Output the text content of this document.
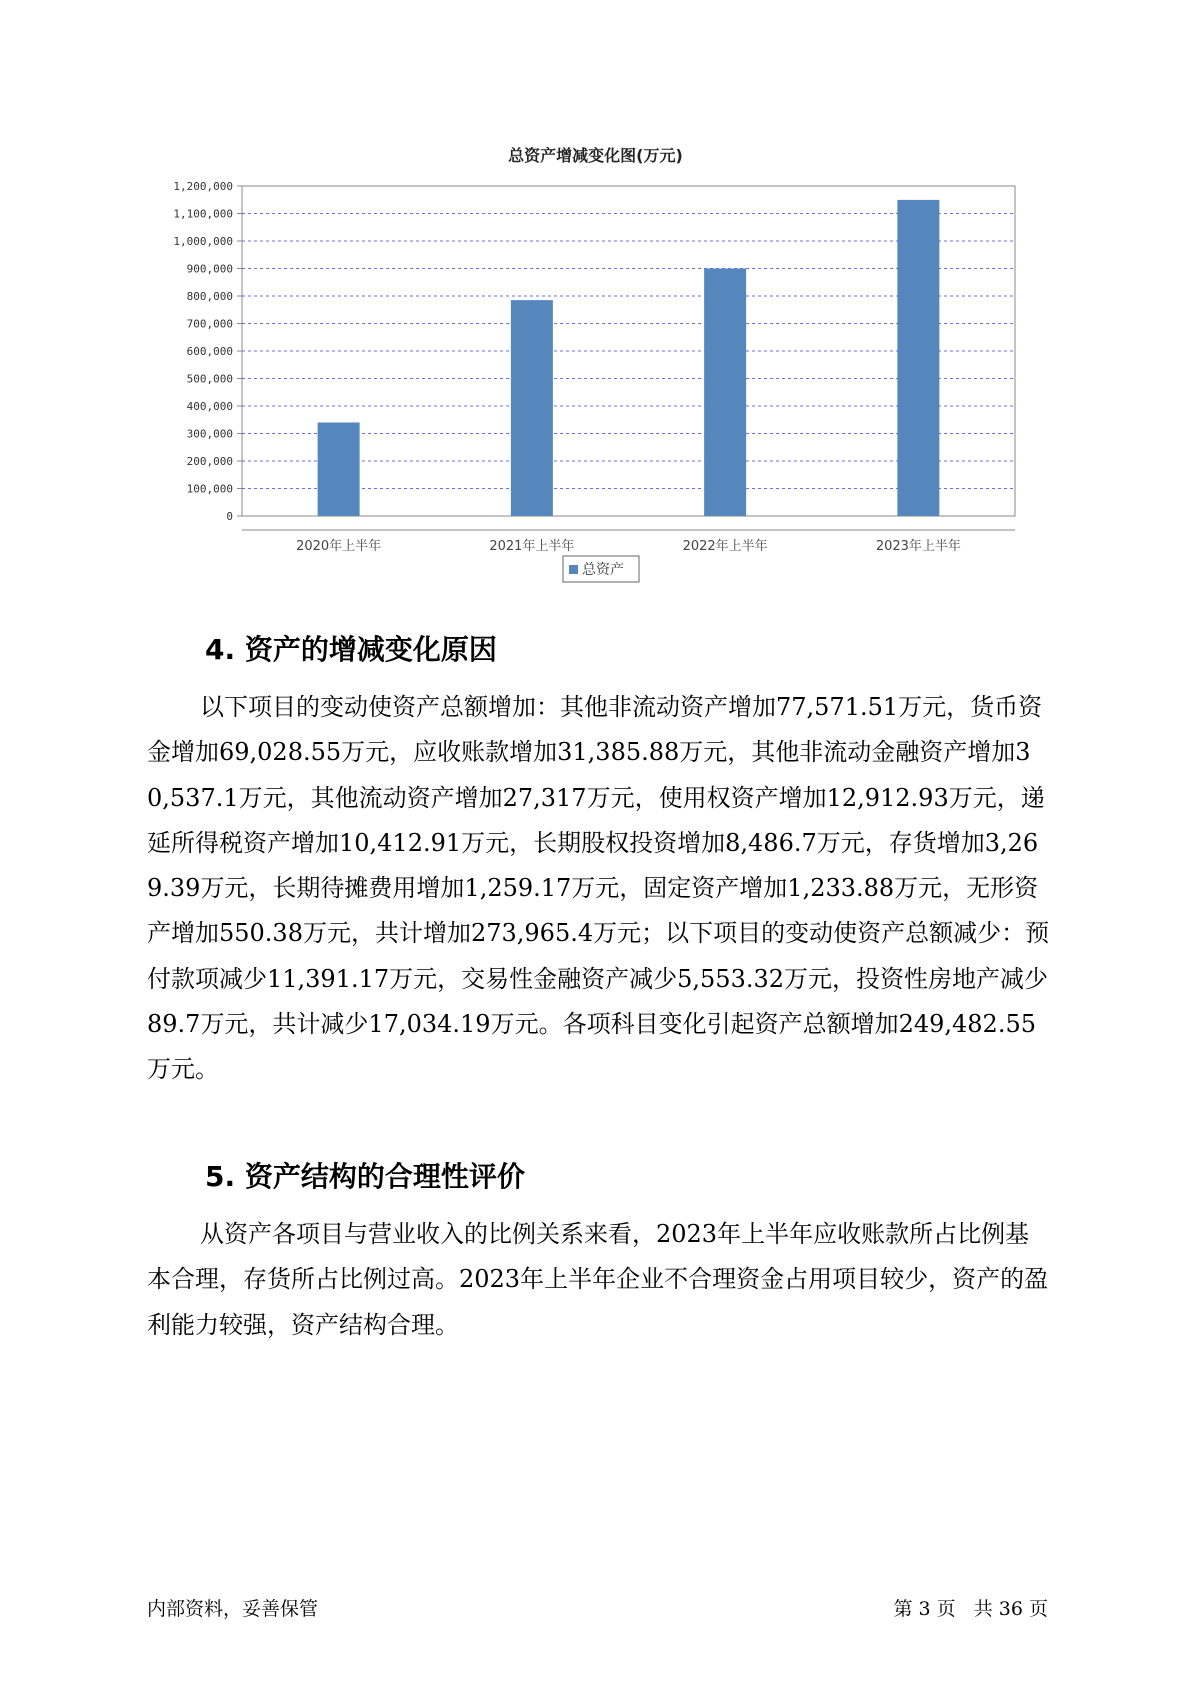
总资产增减变化图(万元)
0
100,000
200,000
300,000
400,000
500,000
600,000
700,000
800,000
900,000
1,000,000
1,100,000
1,200,000
2020年上半年	2021年上半年	2022年上半年	2023年上半年
总资产
4. 资产的增减变化原因

以下项目的变动使资产总额增加：其他非流动资产增加77,571.51万元，货币资金增加69,028.55万元，应收账款增加31,385.88万元，其他非流动金融资产增加30,537.1万元，其他流动资产增加27,317万元，使用权资产增加12,912.93万元，递延所得税资产增加10,412.91万元，长期股权投资增加8,486.7万元，存货增加3,269.39万元，长期待摊费用增加1,259.17万元，固定资产增加1,233.88万元，无形资产增加550.38万元，共计增加273,965.4万元；以下项目的变动使资产总额减少：预付款项减少11,391.17万元，交易性金融资产减少5,553.32万元，投资性房地产减少89.7万元，共计减少17,034.19万元。各项科目变化引起资产总额增加249,482.55万元。

5. 资产结构的合理性评价

从资产各项目与营业收入的比例关系来看，2023年上半年应收账款所占比例基本合理，存货所占比例过高。2023年上半年企业不合理资金占用项目较少，资产的盈利能力较强，资产结构合理。

内部资料，妥善保管	第 3 页   共 36 页
